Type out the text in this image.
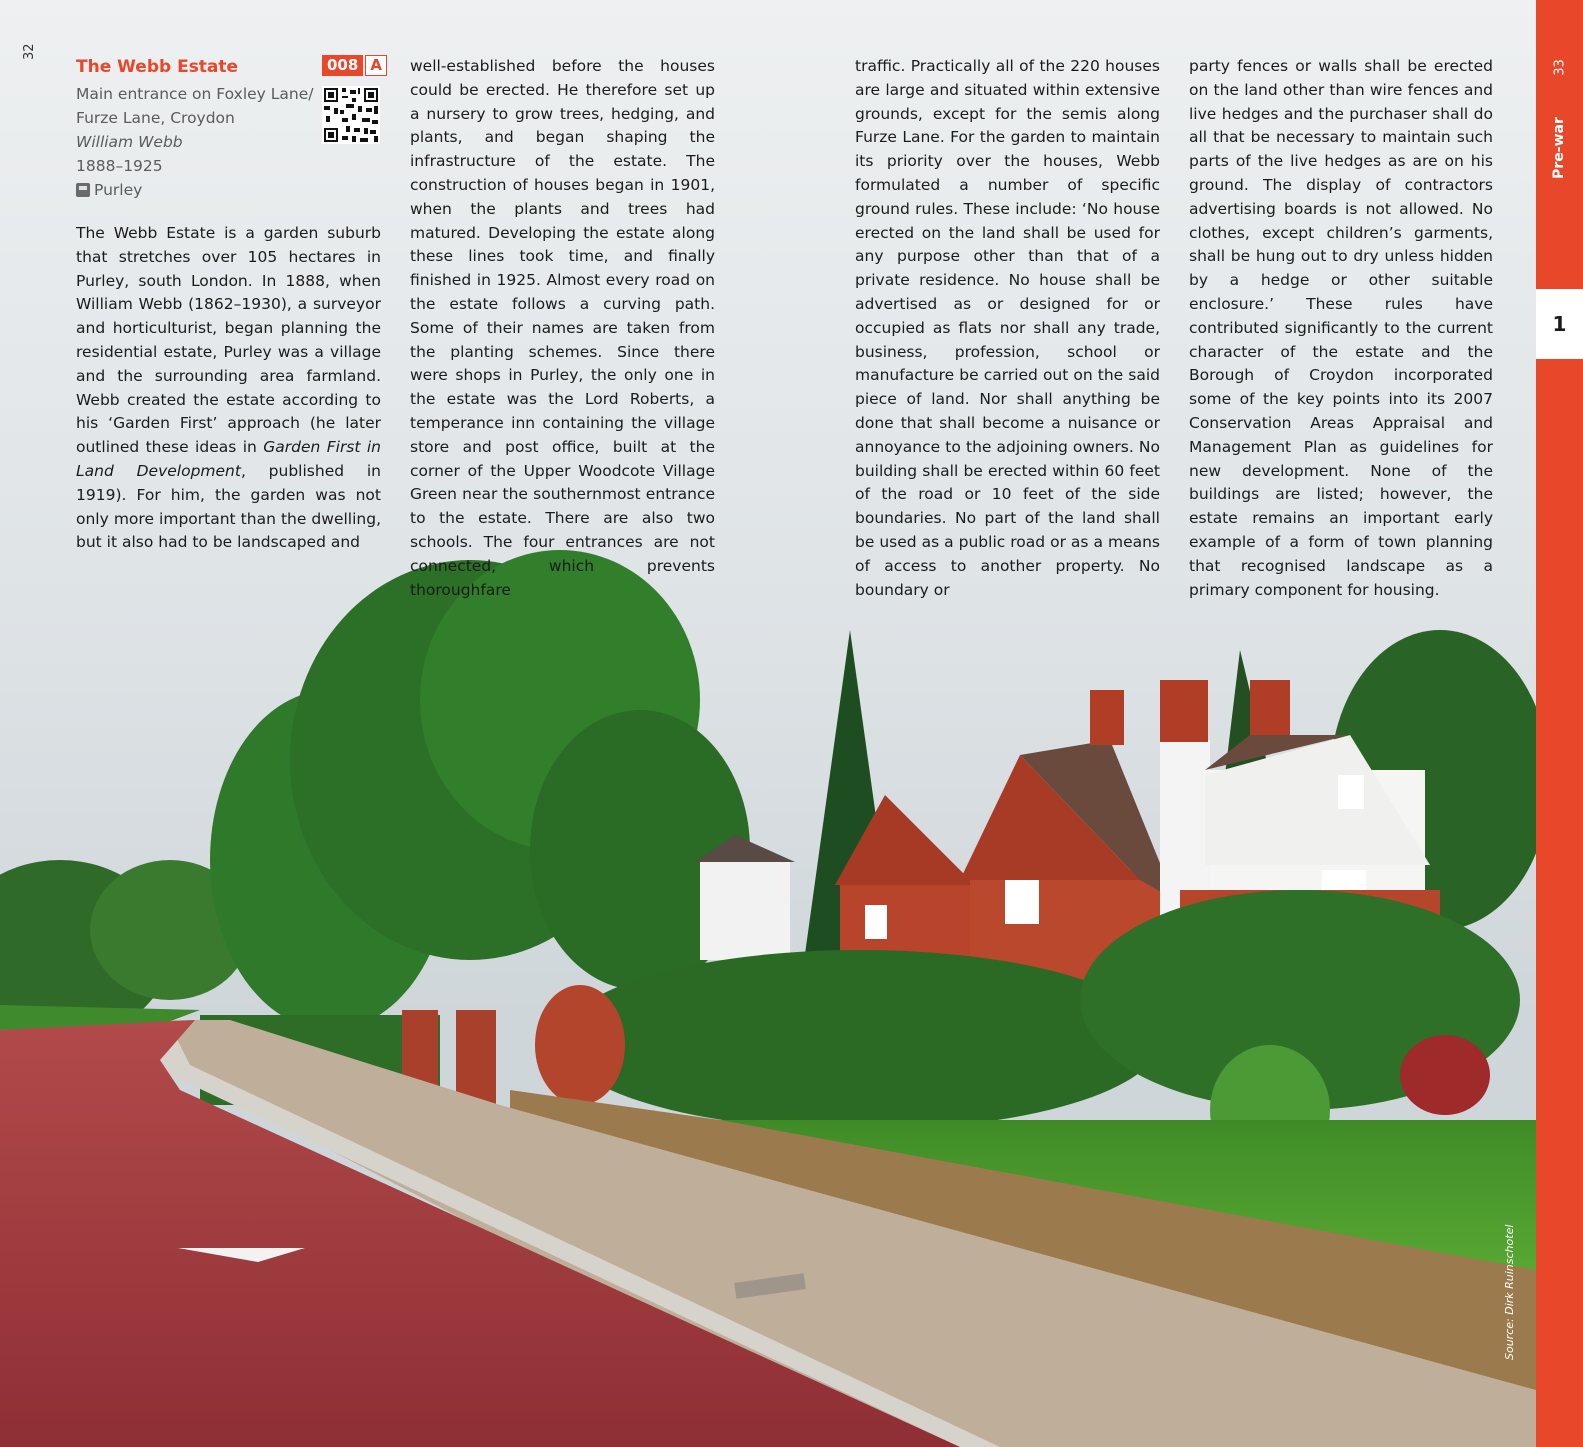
32
The Webb Estate
Main entrance on Foxley Lane/
Furze Lane, Croydon
William Webb
1888–1925
Purley
008 A

The Webb Estate is a garden suburb that stretches over 105 hectares in Purley, south London. In 1888, when William Webb (1862–1930), a surveyor and horticulturist, began planning the residential estate, Purley was a village and the surrounding area farmland. Webb created the estate according to his ‘Garden First’ approach (he later outlined these ideas in Garden First in Land Development, published in 1919). For him, the garden was not only more important than the dwelling, but it also had to be landscaped and

well-established before the houses could be erected. He therefore set up a nursery to grow trees, hedging, and plants, and began shaping the infrastructure of the estate. The construction of houses began in 1901, when the plants and trees had matured. Developing the estate along these lines took time, and finally finished in 1925. Almost every road on the estate follows a curving path. Some of their names are taken from the planting schemes. Since there were shops in Purley, the only one in the estate was the Lord Roberts, a temperance inn containing the village store and post office, built at the corner of the Upper Woodcote Village Green near the southernmost entrance to the estate. There are also two schools. The four entrances are not connected, which prevents thoroughfare

traffic. Practically all of the 220 houses are large and situated within extensive grounds, except for the semis along Furze Lane. For the garden to maintain its priority over the houses, Webb formulated a number of specific ground rules. These include: ‘No house erected on the land shall be used for any purpose other than that of a private residence. No house shall be advertised as or designed for or occupied as flats nor shall any trade, business, profession, school or manufacture be carried out on the said piece of land. Nor shall anything be done that shall become a nuisance or annoyance to the adjoining owners. No building shall be erected within 60 feet of the road or 10 feet of the side boundaries. No part of the land shall be used as a public road or as a means of access to another property. No boundary or

party fences or walls shall be erected on the land other than wire fences and live hedges and the purchaser shall do all that be necessary to maintain such parts of the live hedges as are on his ground. The display of contractors advertising boards is not allowed. No clothes, except children’s garments, shall be hung out to dry unless hidden by a hedge or other suitable enclosure.’ These rules have contributed significantly to the current character of the estate and the Borough of Croydon incorporated some of the key points into its 2007 Conservation Areas Appraisal and Management Plan as guidelines for new development. None of the buildings are listed; however, the estate remains an important early example of a form of town planning that recognised landscape as a primary component for housing.

Source: Dirk Ruinschotel
33
Pre-war
1
